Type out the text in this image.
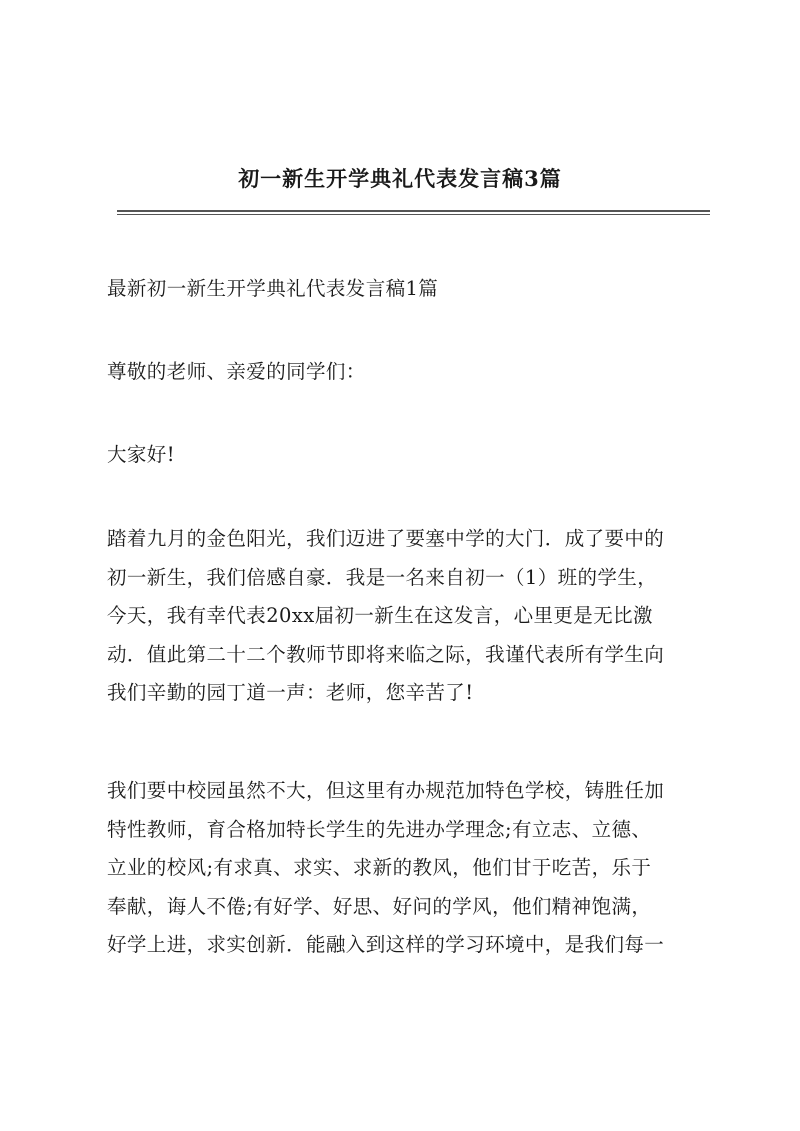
初一新生开学典礼代表发言稿3篇

最新初一新生开学典礼代表发言稿1篇

尊敬的老师、亲爱的同学们：

大家好!

踏着九月的金色阳光，我们迈进了要塞中学的大门．成了要中的
初一新生，我们倍感自豪．我是一名来自初一（1）班的学生，
今天，我有幸代表20xx届初一新生在这发言，心里更是无比激
动．值此第二十二个教师节即将来临之际，我谨代表所有学生向
我们辛勤的园丁道一声：老师，您辛苦了!

我们要中校园虽然不大，但这里有办规范加特色学校，铸胜任加
特性教师，育合格加特长学生的先进办学理念;有立志、立德、
立业的校风;有求真、求实、求新的教风，他们甘于吃苦，乐于
奉献，诲人不倦;有好学、好思、好问的学风，他们精神饱满，
好学上进，求实创新．能融入到这样的学习环境中，是我们每一
